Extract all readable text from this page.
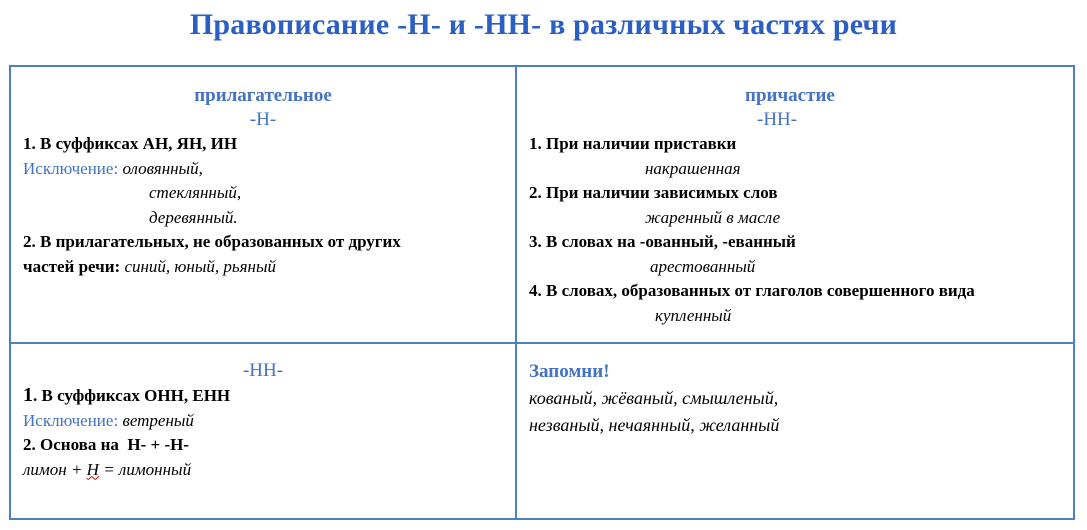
Правописание -Н- и -НН- в различных частях речи
прилагательное
-Н-
1. В суффиксах АН, ЯН, ИН
Исключение: оловянный,
стеклянный,
деревянный.
2. В прилагательных, не образованных от других
частей речи: синий, юный, рьяный
причастие
-НН-
1. При наличии приставки
накрашенная
2. При наличии зависимых слов
жаренный в масле
3. В словах на -ованный, -еванный
арестованный
4. В словах, образованных от глаголов совершенного вида
купленный
-НН-
1. В суффиксах ОНН, ЕНН
Исключение: ветреный
2. Основа на Н- + -Н-
лимон + Н = лимонный
Запомни!
кованый, жёваный, смышленый,
незваный, нечаянный, желанный
